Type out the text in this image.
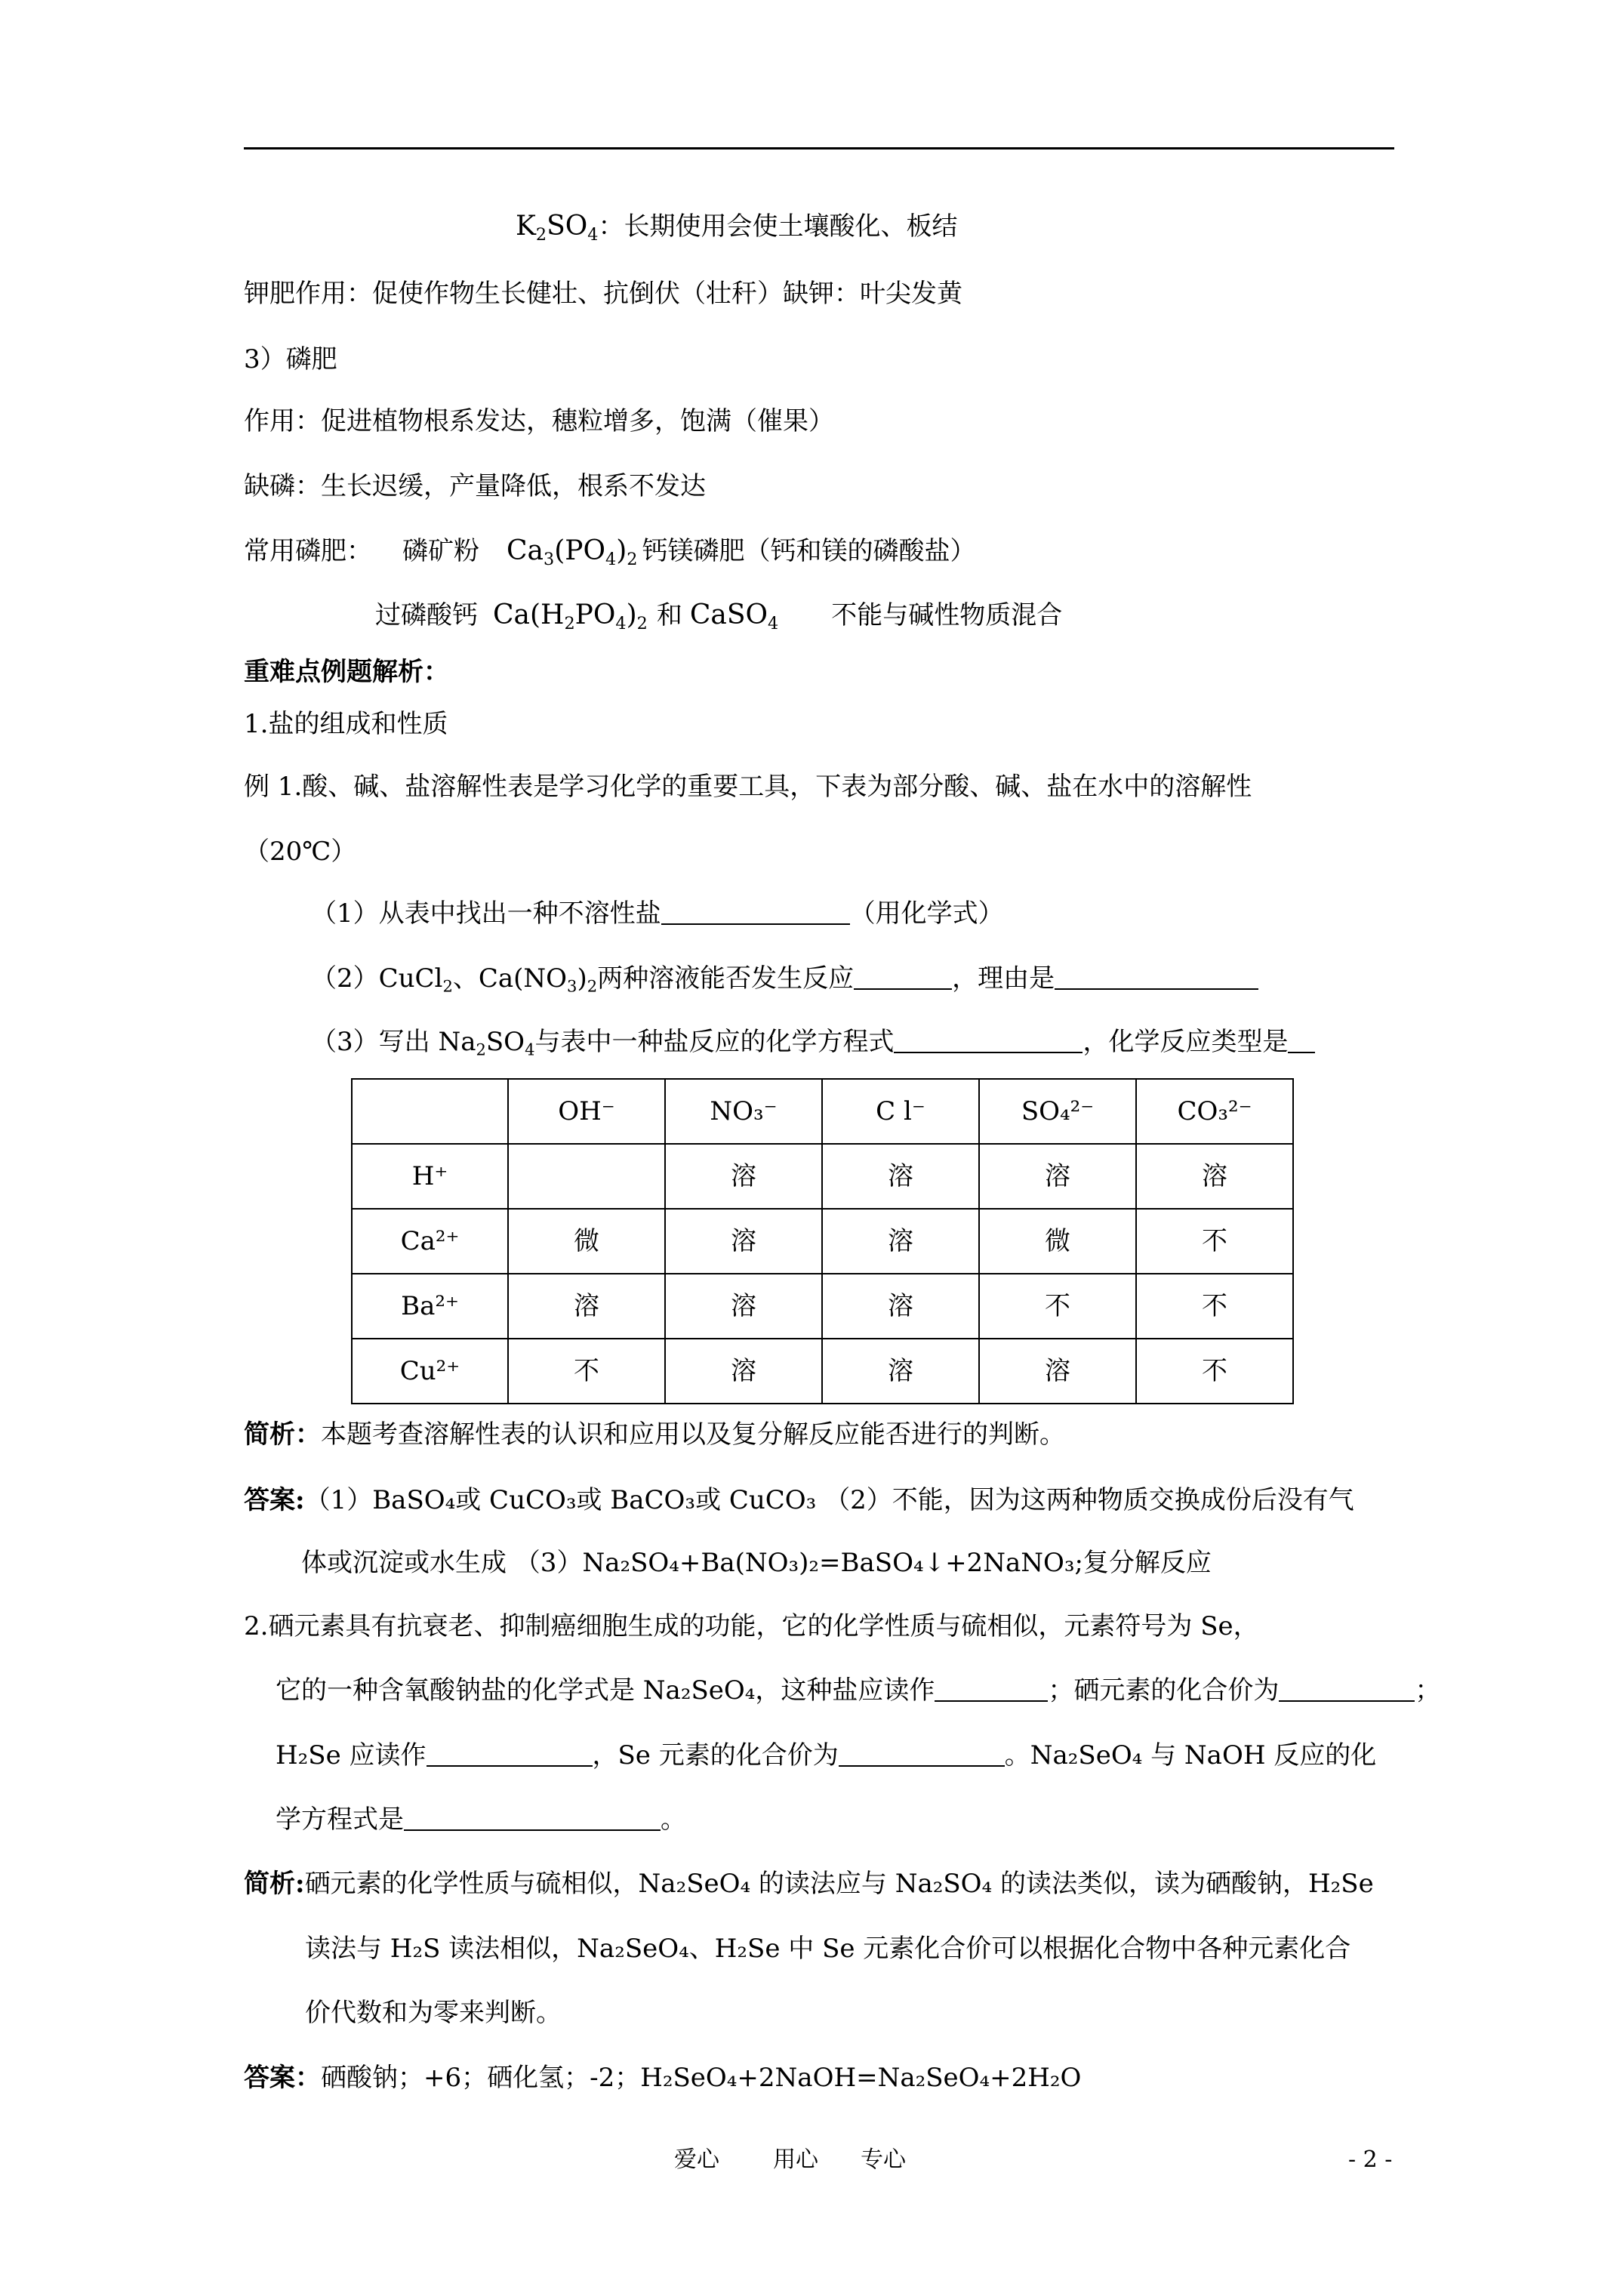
$K_2SO_4$：长期使用会使土壤酸化、板结
钾肥作用：促使作物生长健壮、抗倒伏（壮秆）缺钾：叶尖发黄
3）磷肥
作用：促进植物根系发达，穗粒增多，饱满（催果）
缺磷：生长迟缓，产量降低，根系不发达
常用磷肥： 磷矿粉 $Ca_3(PO_4)_2$ 钙镁磷肥（钙和镁的磷酸盐）
过磷酸钙 $Ca(H_2PO_4)_2$ 和 CaSO$_4$ 不能与碱性物质混合
重难点例题解析：
1.盐的组成和性质
例 1.酸、碱、盐溶解性表是学习化学的重要工具，下表为部分酸、碱、盐在水中的溶解性
（20℃）
（1）从表中找出一种不溶性盐	（用化学式）
（2）CuCl$_2$、$Ca(NO_3)_2$两种溶液能否发生反应	，理由是
（3）写出 $Na_2SO_4$与表中一种盐反应的化学方程式	，化学反应类型是
	OH⁻	NO₃⁻	C l⁻	SO₄²⁻	CO₃²⁻
H⁺		溶	溶	溶	溶
Ca²⁺	微	溶	溶	微	不
Ba²⁺	溶	溶	溶	不	不
Cu²⁺	不	溶	溶	溶	不
简析：本题考查溶解性表的认识和应用以及复分解反应能否进行的判断。
答案:（1）BaSO₄或 CuCO₃或 BaCO₃或 CuCO₃ （2）不能，因为这两种物质交换成份后没有气
体或沉淀或水生成 （3）Na₂SO₄+Ba(NO₃)₂=BaSO₄↓+2NaNO₃;复分解反应
2.硒元素具有抗衰老、抑制癌细胞生成的功能，它的化学性质与硫相似，元素符号为 Se，
它的一种含氧酸钠盐的化学式是 Na₂SeO₄，这种盐应读作	；硒元素的化合价为	；
H₂Se 应读作	，Se 元素的化合价为	。Na₂SeO₄ 与 NaOH 反应的化
学方程式是	。
简析:硒元素的化学性质与硫相似，Na₂SeO₄ 的读法应与 Na₂SO₄ 的读法类似，读为硒酸钠，H₂Se
读法与 H₂S 读法相似，Na₂SeO₄、H₂Se 中 Se 元素化合价可以根据化合物中各种元素化合
价代数和为零来判断。
答案：硒酸钠；+6；硒化氢；-2；H₂SeO₄+2NaOH=Na₂SeO₄+2H₂O
爱心 用心 专心	- 2 -
